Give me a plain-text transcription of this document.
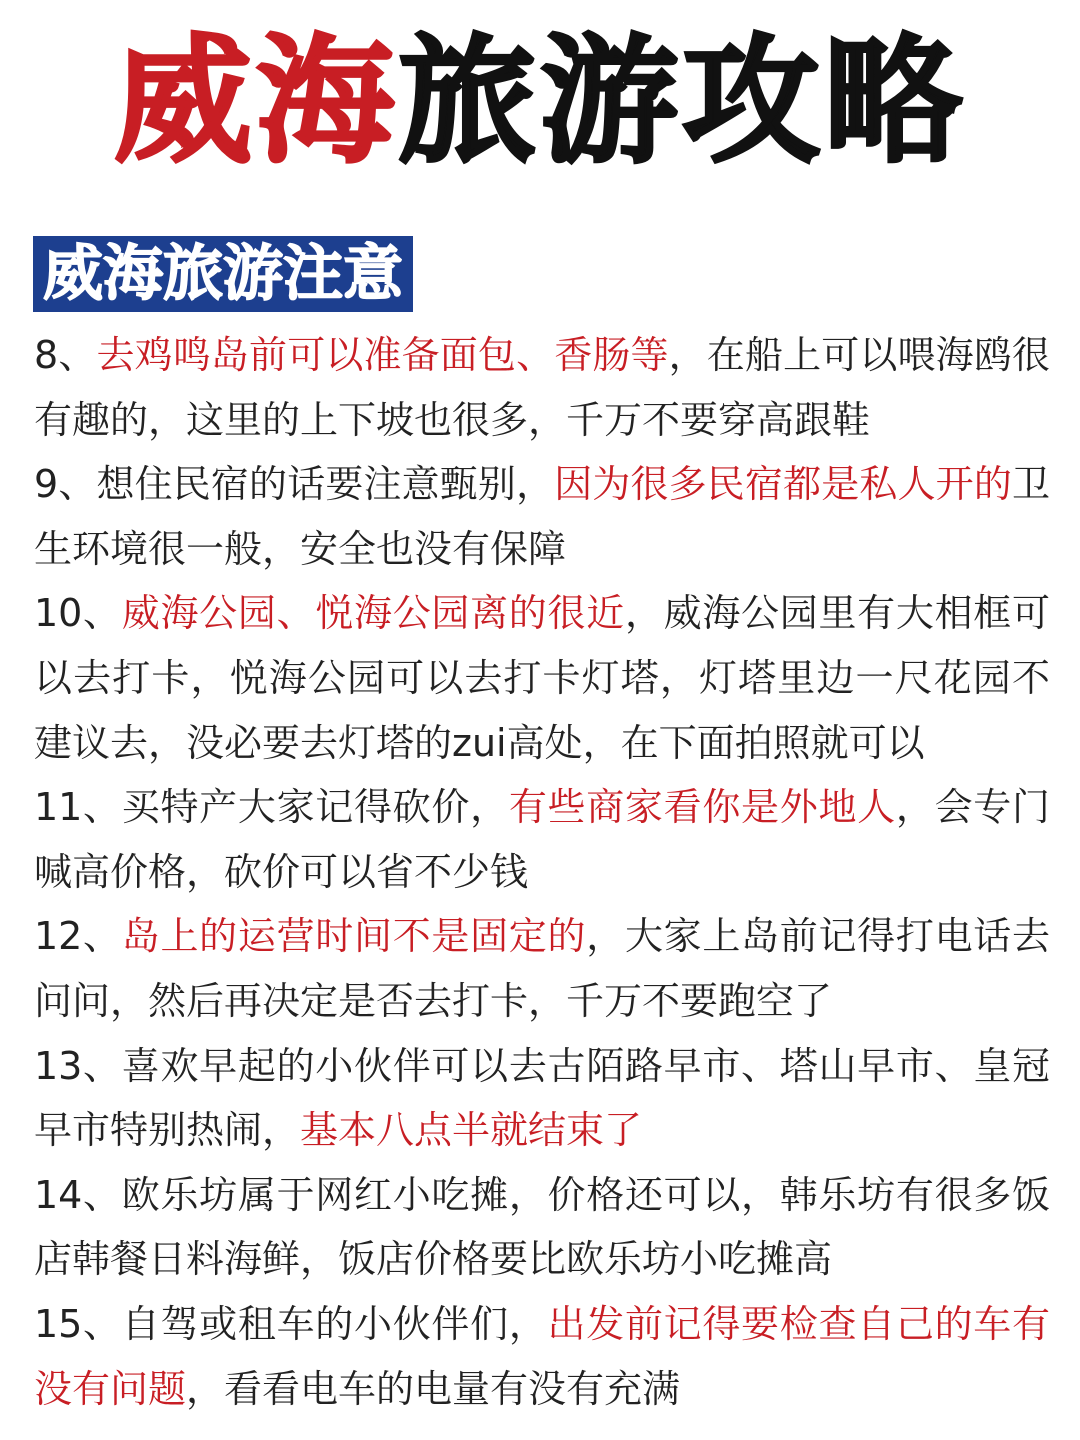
威海旅游攻略
威海旅游注意

8、去鸡鸣岛前可以准备面包、香肠等，在船上可以喂海鸥很有趣的，这里的上下坡也很多，千万不要穿高跟鞋

9、想住民宿的话要注意甄别，因为很多民宿都是私人开的卫生环境很一般，安全也没有保障

10、威海公园、悦海公园离的很近，威海公园里有大相框可以去打卡，悦海公园可以去打卡灯塔，灯塔里边一尺花园不建议去，没必要去灯塔的zui高处，在下面拍照就可以

11、买特产大家记得砍价，有些商家看你是外地人，会专门喊高价格，砍价可以省不少钱

12、岛上的运营时间不是固定的，大家上岛前记得打电话去问问，然后再决定是否去打卡，千万不要跑空了

13、喜欢早起的小伙伴可以去古陌路早市、塔山早市、皇冠早市特别热闹，基本八点半就结束了

14、欧乐坊属于网红小吃摊，价格还可以，韩乐坊有很多饭店韩餐日料海鲜，饭店价格要比欧乐坊小吃摊高

15、自驾或租车的小伙伴们，出发前记得要检查自己的车有没有问题，看看电车的电量有没有充满
